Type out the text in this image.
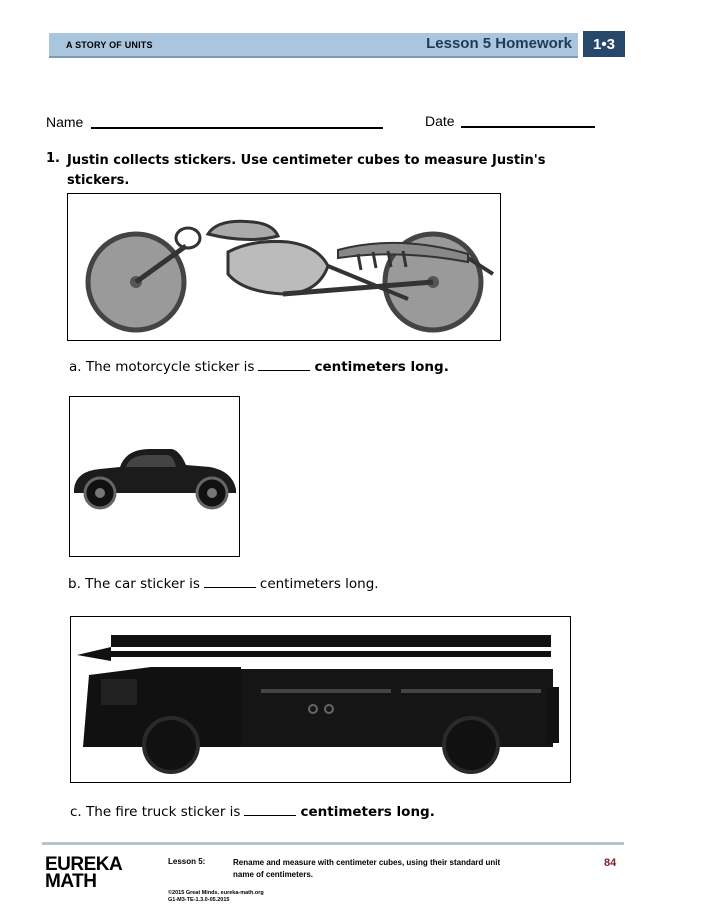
A STORY OF UNITS	Lesson 5 Homework	1•3
Name	Date
1. Justin collects stickers. Use centimeter cubes to measure Justin's stickers.
a. The motorcycle sticker is	centimeters long.
b. The car sticker is	centimeters long.
c. The fire truck sticker is	centimeters long.
EUREKA
MATH
Lesson 5:	Rename and measure with centimeter cubes, using their standard unit name of centimeters.
©2015 Great Minds. eureka-math.org
G1-M3-TE-1.3.0-05.2015
84
